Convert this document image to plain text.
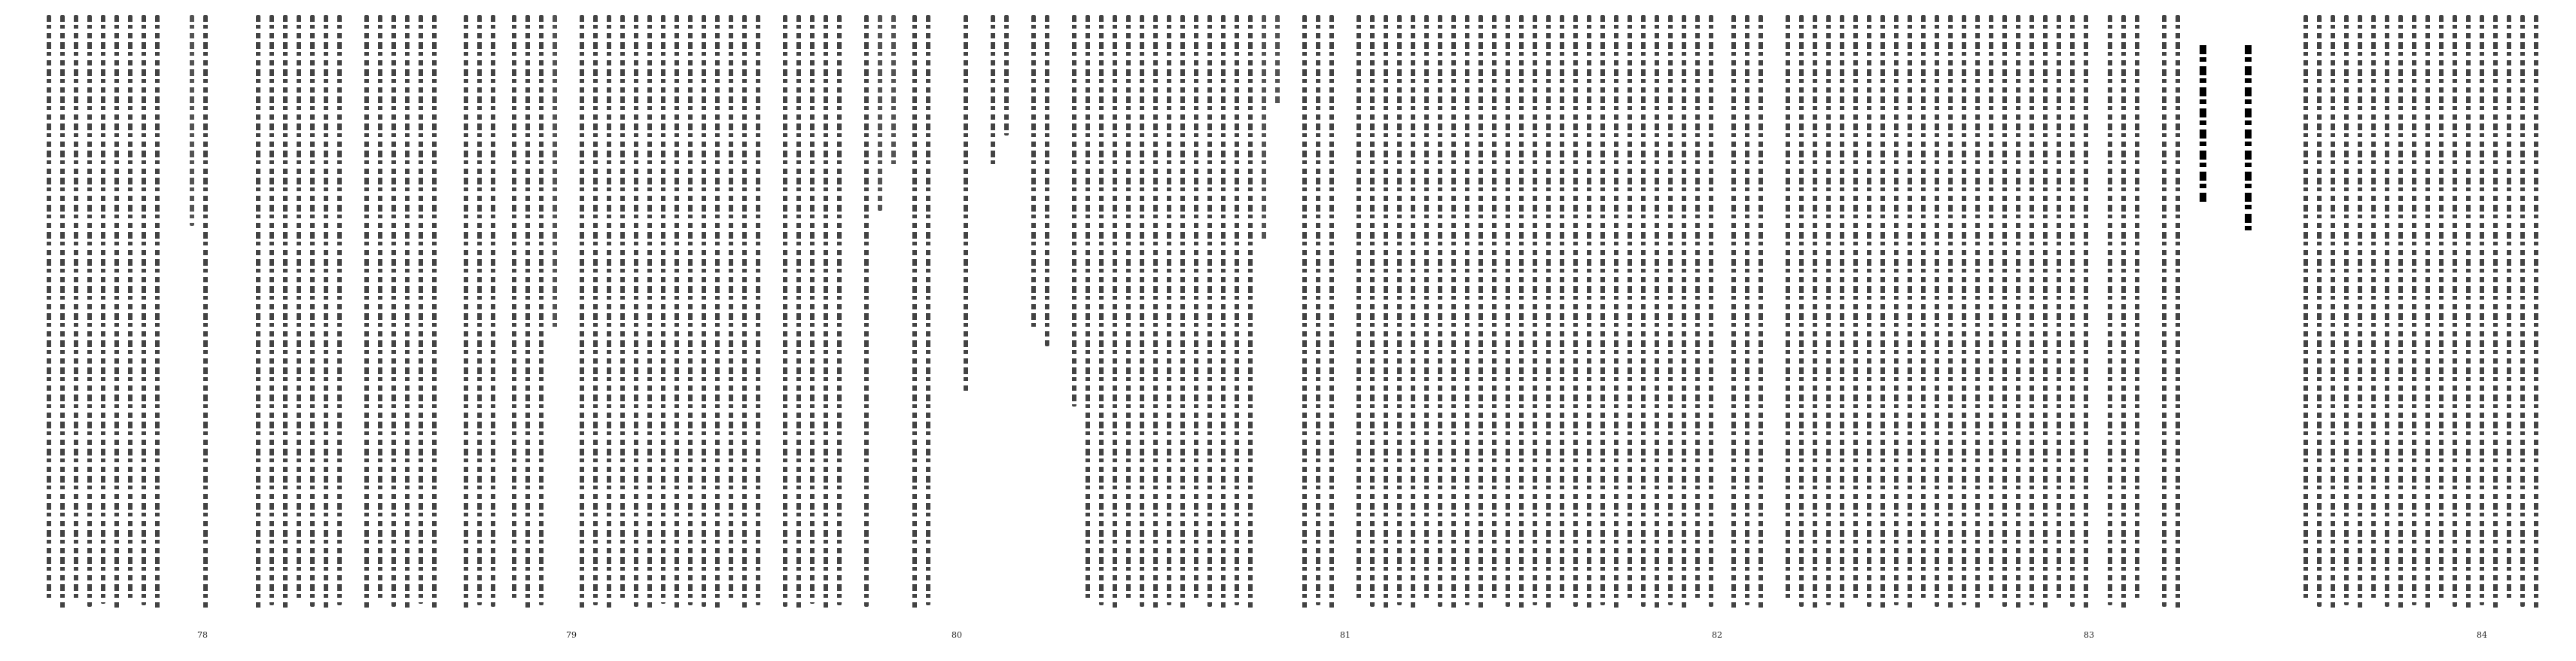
78	79	80	81	82	83	84
